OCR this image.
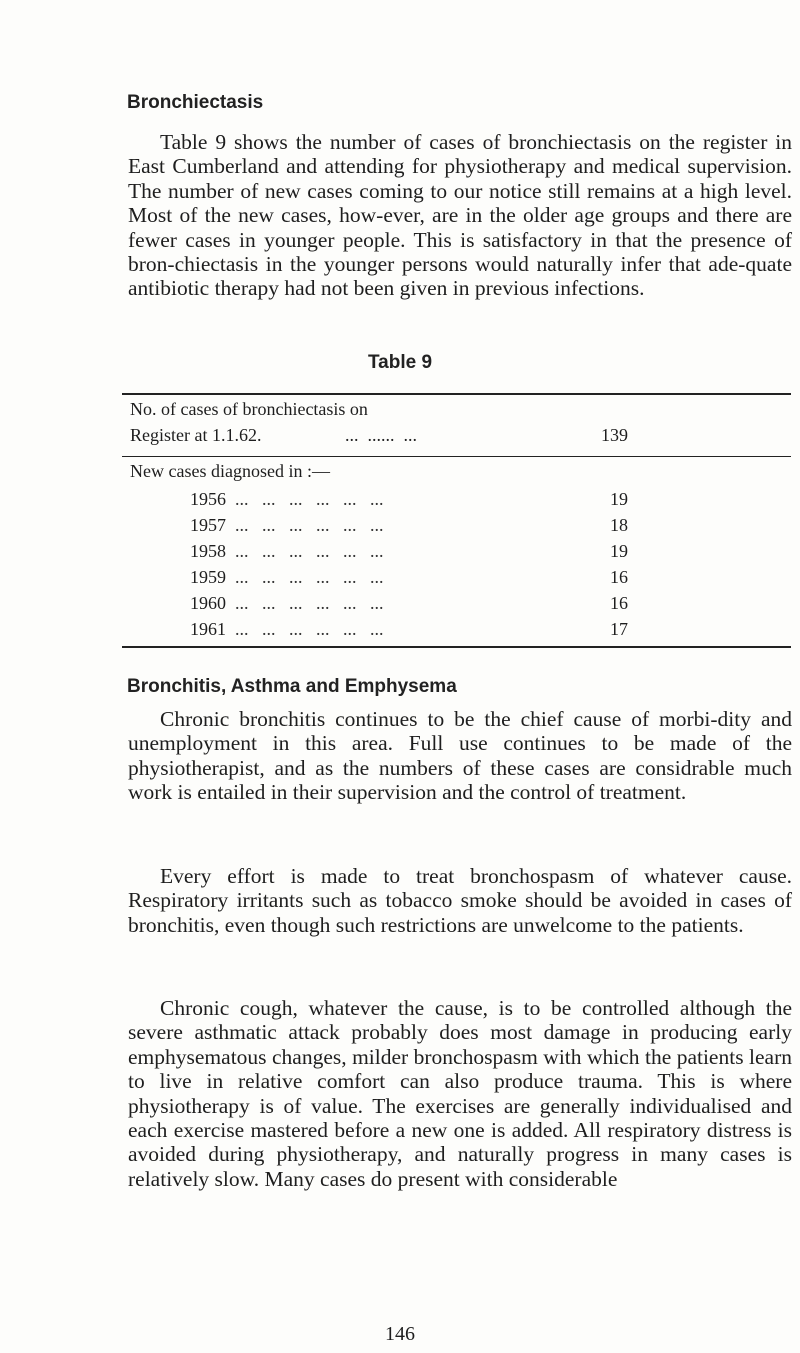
Bronchiectasis

Table 9 shows the number of cases of bronchiectasis on the register in East Cumberland and attending for physiotherapy and medical supervision. The number of new cases coming to our notice still remains at a high level. Most of the new cases, how-ever, are in the older age groups and there are fewer cases in younger people. This is satisfactory in that the presence of bron-chiectasis in the younger persons would naturally infer that ade-quate antibiotic therapy had not been given in previous infections.

Table 9
No. of cases of bronchiectasis on
Register at 1.1.62.	...  ......  ...	139
New cases diagnosed in :—
1956  ...   ...   ...   ...   ...   ...	19
1957  ...   ...   ...   ...   ...   ...	18
1958  ...   ...   ...   ...   ...   ...	19
1959  ...   ...   ...   ...   ...   ...	16
1960  ...   ...   ...   ...   ...   ...	16
1961  ...   ...   ...   ...   ...   ...	17
Bronchitis, Asthma and Emphysema

Chronic bronchitis continues to be the chief cause of morbi-dity and unemployment in this area. Full use continues to be made of the physiotherapist, and as the numbers of these cases are considrable much work is entailed in their supervision and the control of treatment.

Every effort is made to treat bronchospasm of whatever cause. Respiratory irritants such as tobacco smoke should be avoided in cases of bronchitis, even though such restrictions are unwelcome to the patients.

Chronic cough, whatever the cause, is to be controlled although the severe asthmatic attack probably does most damage in producing early emphysematous changes, milder bronchospasm with which the patients learn to live in relative comfort can also produce trauma. This is where physiotherapy is of value. The exercises are generally individualised and each exercise mastered before a new one is added. All respiratory distress is avoided during physiotherapy, and naturally progress in many cases is relatively slow. Many cases do present with considerable

146
